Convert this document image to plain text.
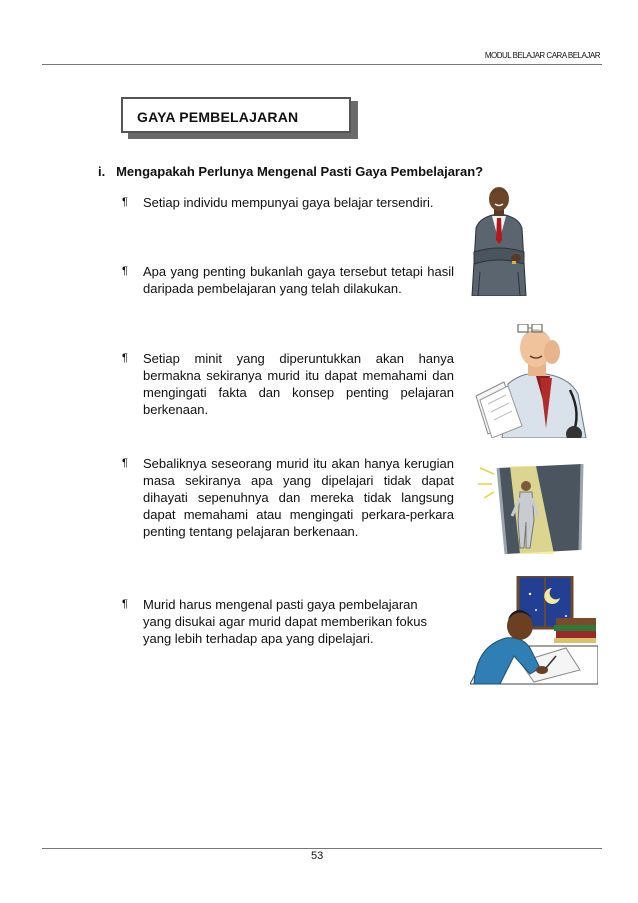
MODUL BELAJAR CARA BELAJAR
GAYA PEMBELAJARAN
i. Mengapakah Perlunya Mengenal Pasti Gaya Pembelajaran?
¶ Setiap individu mempunyai gaya belajar tersendiri.
¶ Apa yang penting bukanlah gaya tersebut tetapi hasil daripada pembelajaran yang telah dilakukan.
¶ Setiap minit yang diperuntukkan akan hanya bermakna sekiranya murid itu dapat memahami dan mengingati fakta dan konsep penting pelajaran berkenaan.
¶ Sebaliknya seseorang murid itu akan hanya kerugian masa sekiranya apa yang dipelajari tidak dapat dihayati sepenuhnya dan mereka tidak langsung dapat memahami atau mengingati perkara-perkara penting tentang pelajaran berkenaan.
¶ Murid harus mengenal pasti gaya pembelajaran yang disukai agar murid dapat memberikan fokus yang lebih terhadap apa yang dipelajari.
53
